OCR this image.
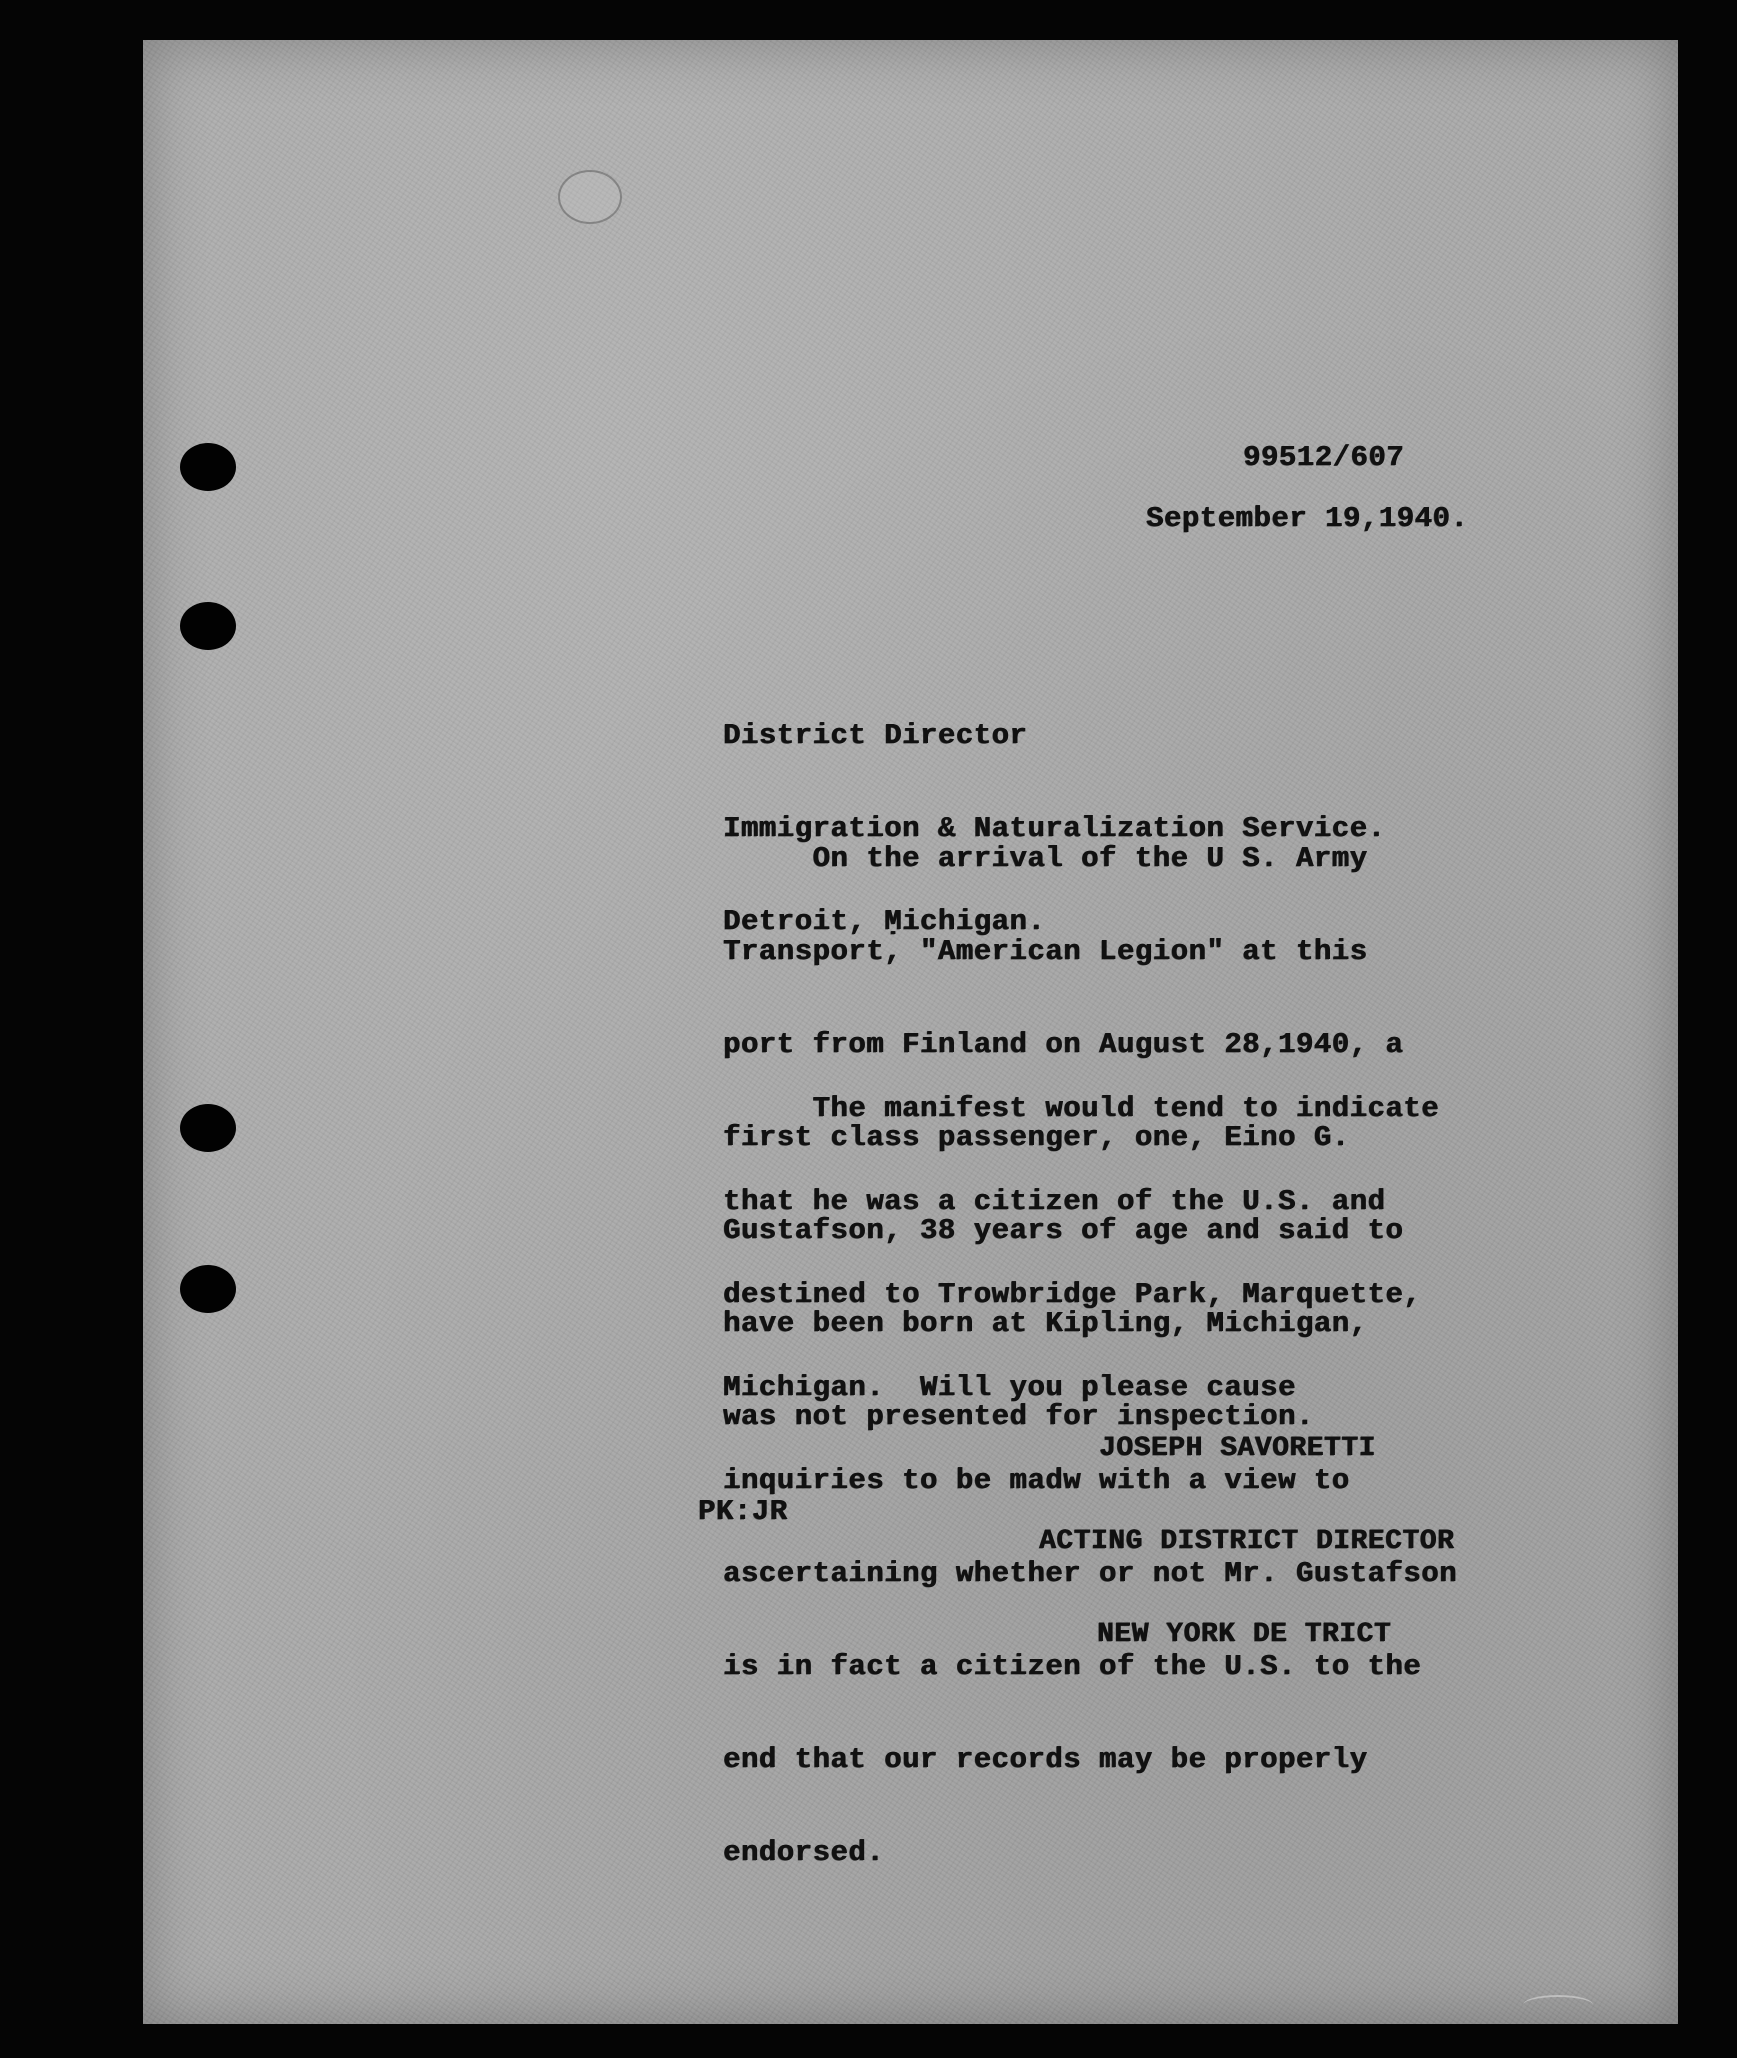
99512/607
September 19,1940.

District Director

Immigration & Naturalization Service.

Detroit, Ṃichigan.

On the arrival of the U S. Army

Transport, "American Legion" at this

port from Finland on August 28,1940, a

first class passenger, one, Eino G.

Gustafson, 38 years of age and said to

have been born at Kipling, Michigan,

was not presented for inspection.

The manifest would tend to indicate

that he was a citizen of the U.S. and

destined to Trowbridge Park, Marquette,

Michigan.  Will you please cause

inquiries to be madw with a view to

ascertaining whether or not Mr. Gustafson

is in fact a citizen of the U.S. to the

end that our records may be properly

endorsed.

JOSEPH SAVORETTI

ACTING DISTRICT DIRECTOR

NEW YORK DE TRICT

PK:JR
